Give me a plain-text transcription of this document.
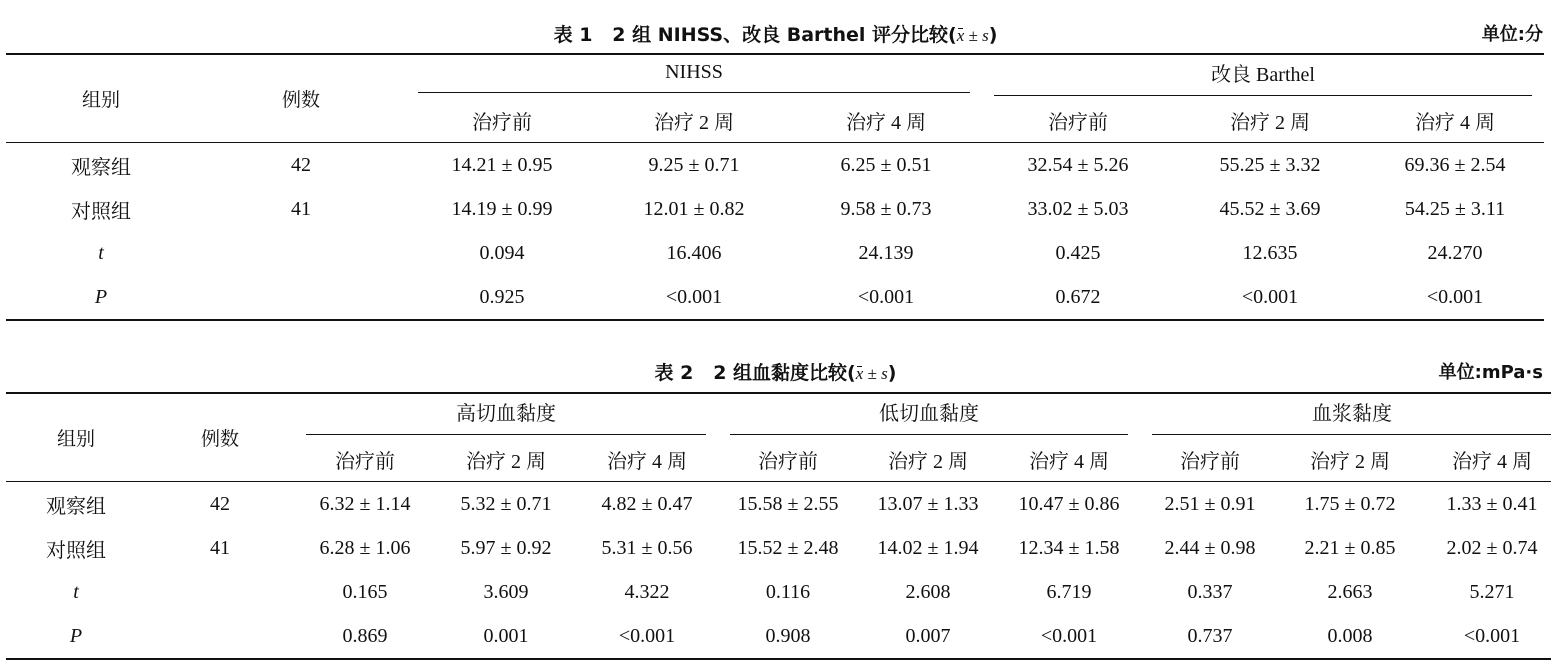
表 1   2 组 NIHSS、改良 Barthel 评分比较(x ± s)	单位:分
组别	例数	NIHSS			改良 Barthel		

		治疗前	治疗 2 周	治疗 4 周	治疗前	治疗 2 周	治疗 4 周
观察组	42	14.21 ± 0.95	9.25 ± 0.71	6.25 ± 0.51	32.54 ± 5.26	55.25 ± 3.32	69.36 ± 2.54
对照组	41	14.19 ± 0.99	12.01 ± 0.82	9.58 ± 0.73	33.02 ± 5.03	45.52 ± 3.69	54.25 ± 3.11
t		0.094	16.406	24.139	0.425	12.635	24.270
P		0.925	<0.001	<0.001	0.672	<0.001	<0.001
表 2   2 组血黏度比较(x ± s)	单位:mPa·s
组别	例数	高切血黏度			低切血黏度			血浆黏度		

		治疗前	治疗 2 周	治疗 4 周	治疗前	治疗 2 周	治疗 4 周	治疗前	治疗 2 周	治疗 4 周
观察组	42	6.32 ± 1.14	5.32 ± 0.71	4.82 ± 0.47	15.58 ± 2.55	13.07 ± 1.33	10.47 ± 0.86	2.51 ± 0.91	1.75 ± 0.72	1.33 ± 0.41
对照组	41	6.28 ± 1.06	5.97 ± 0.92	5.31 ± 0.56	15.52 ± 2.48	14.02 ± 1.94	12.34 ± 1.58	2.44 ± 0.98	2.21 ± 0.85	2.02 ± 0.74
t		0.165	3.609	4.322	0.116	2.608	6.719	0.337	2.663	5.271
P		0.869	0.001	<0.001	0.908	0.007	<0.001	0.737	0.008	<0.001
